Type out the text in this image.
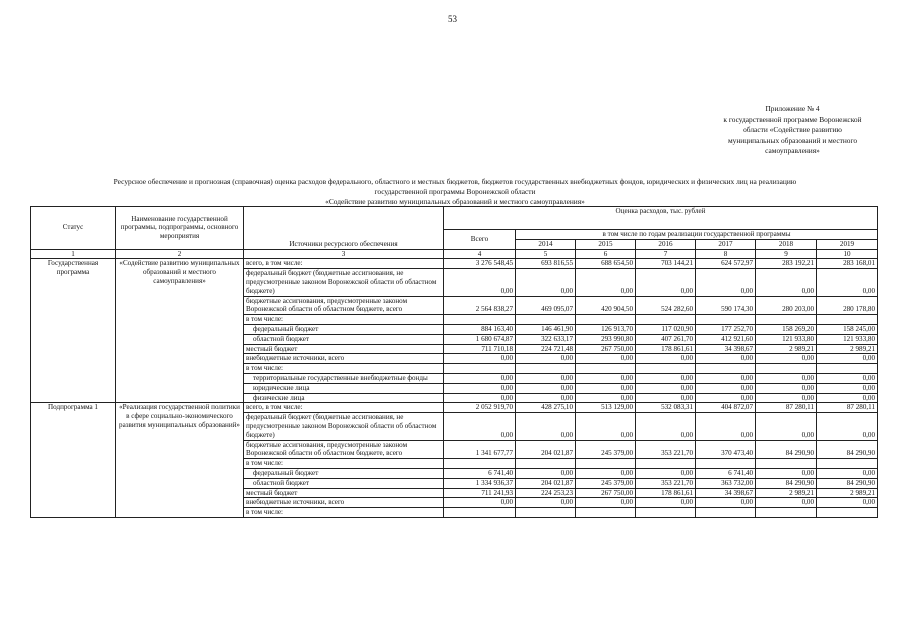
53
Приложение № 4
к государственной программе Воронежской
области «Содействие развитию
муниципальных образований и местного
самоуправления»
Ресурсное обеспечение и прогнозная (справочная) оценка расходов федерального, областного и местных бюджетов, бюджетов государственных внебюджетных фондов, юридических и физических лиц на реализацию
государственной программы Воронежской области
«Содействие развитию муниципальных образований и местного самоуправления»
Статус	Наименование государственной программы, подпрограммы, основного мероприятия	Источники ресурсного обеспечения	Оценка расходов, тыс. рублей						
			Всего	в том числе по годам реализации государственной программы					
				2014	2015	2016	2017	2018	2019
1	2	3	4	5	6	7	8	9	10
Государственная программа	«Содействие развитию муниципальных образований и местного самоуправления»	всего, в том числе:	3 276 548,45	693 816,55	688 654,50	703 144,21	624 572,97	283 192,21	283 168,01
		федеральный бюджет (бюджетные ассигнования, не предусмотренные законом Воронежской области об областном бюджете)	0,00	0,00	0,00	0,00	0,00	0,00	0,00
		бюджетные ассигнования, предусмотренные законом Воронежской области об областном бюджете, всего	2 564 838,27	469 095,07	420 904,50	524 282,60	590 174,30	280 203,00	280 178,80
		в том числе:							
		федеральный бюджет	884 163,40	146 461,90	126 913,70	117 020,90	177 252,70	158 269,20	158 245,00
		областной бюджет	1 680 674,87	322 633,17	293 990,80	407 261,70	412 921,60	121 933,80	121 933,80
		местный бюджет	711 710,18	224 721,48	267 750,00	178 861,61	34 398,67	2 989,21	2 989,21
		внебюджетные источники, всего	0,00	0,00	0,00	0,00	0,00	0,00	0,00
		в том числе:							
		территориальные государственные внебюджетные фонды	0,00	0,00	0,00	0,00	0,00	0,00	0,00
		юридические лица	0,00	0,00	0,00	0,00	0,00	0,00	0,00
		физические лица	0,00	0,00	0,00	0,00	0,00	0,00	0,00
Подпрограмма 1	«Реализация государственной политики в сфере социально-экономического развития муниципальных образований»	всего, в том числе:	2 052 919,70	428 275,10	513 129,00	532 083,31	404 872,07	87 280,11	87 280,11
		федеральный бюджет (бюджетные ассигнования, не предусмотренные законом Воронежской области об областном бюджете)	0,00	0,00	0,00	0,00	0,00	0,00	0,00
		бюджетные ассигнования, предусмотренные законом Воронежской области об областном бюджете, всего	1 341 677,77	204 021,87	245 379,00	353 221,70	370 473,40	84 290,90	84 290,90
		в том числе:							
		федеральный бюджет	6 741,40	0,00	0,00	0,00	6 741,40	0,00	0,00
		областной бюджет	1 334 936,37	204 021,87	245 379,00	353 221,70	363 732,00	84 290,90	84 290,90
		местный бюджет	711 241,93	224 253,23	267 750,00	178 861,61	34 398,67	2 989,21	2 989,21
		внебюджетные источники, всего	0,00	0,00	0,00	0,00	0,00	0,00	0,00
		в том числе:							
